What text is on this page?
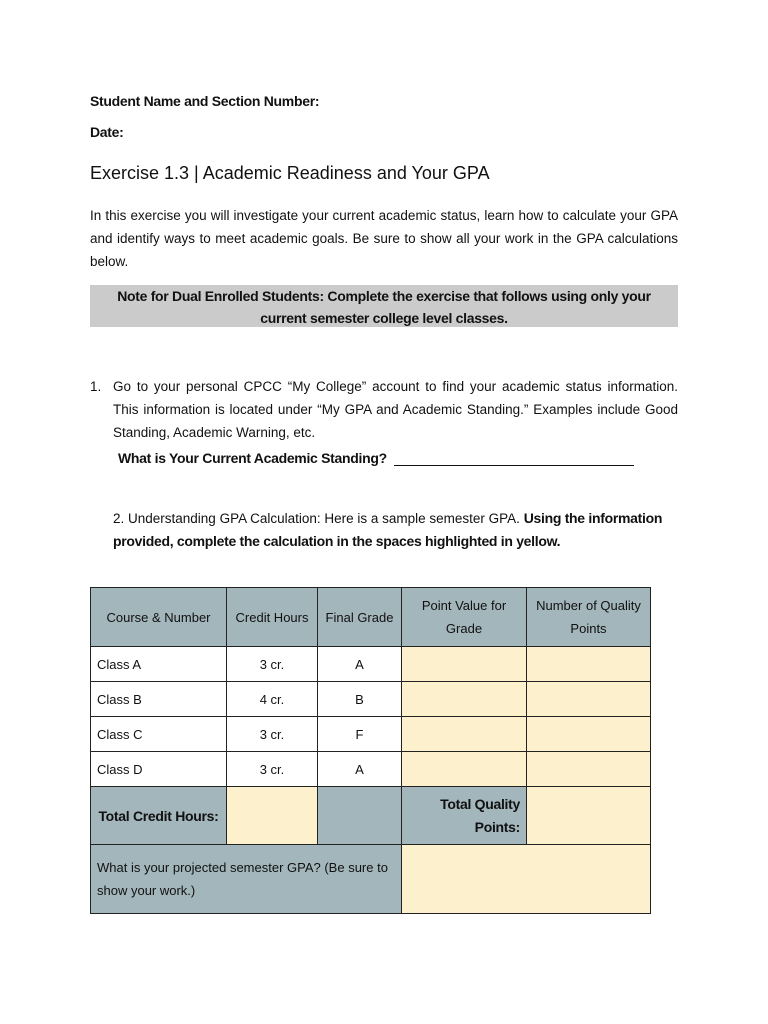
Student Name and Section Number:
Date:
Exercise 1.3 | Academic Readiness and Your GPA
In this exercise you will investigate your current academic status, learn how to calculate your GPA and identify ways to meet academic goals. Be sure to show all your work in the GPA calculations below.
Note for Dual Enrolled Students: Complete the exercise that follows using only your
current semester college level classes.
1. Go to your personal CPCC “My College” account to find your academic status information. This information is located under “My GPA and Academic Standing.” Examples include Good Standing, Academic Warning, etc.
What is Your Current Academic Standing?
2. Understanding GPA Calculation: Here is a sample semester GPA. Using the information provided, complete the calculation in the spaces highlighted in yellow.
Course & Number	Credit Hours	Final Grade	Point Value for Grade	Number of Quality Points
Class A	3 cr.	A		
Class B	4 cr.	B		
Class C	3 cr.	F		
Class D	3 cr.	A		
Total Credit Hours:			Total Quality Points:	
What is your projected semester GPA? (Be sure to show your work.)				
